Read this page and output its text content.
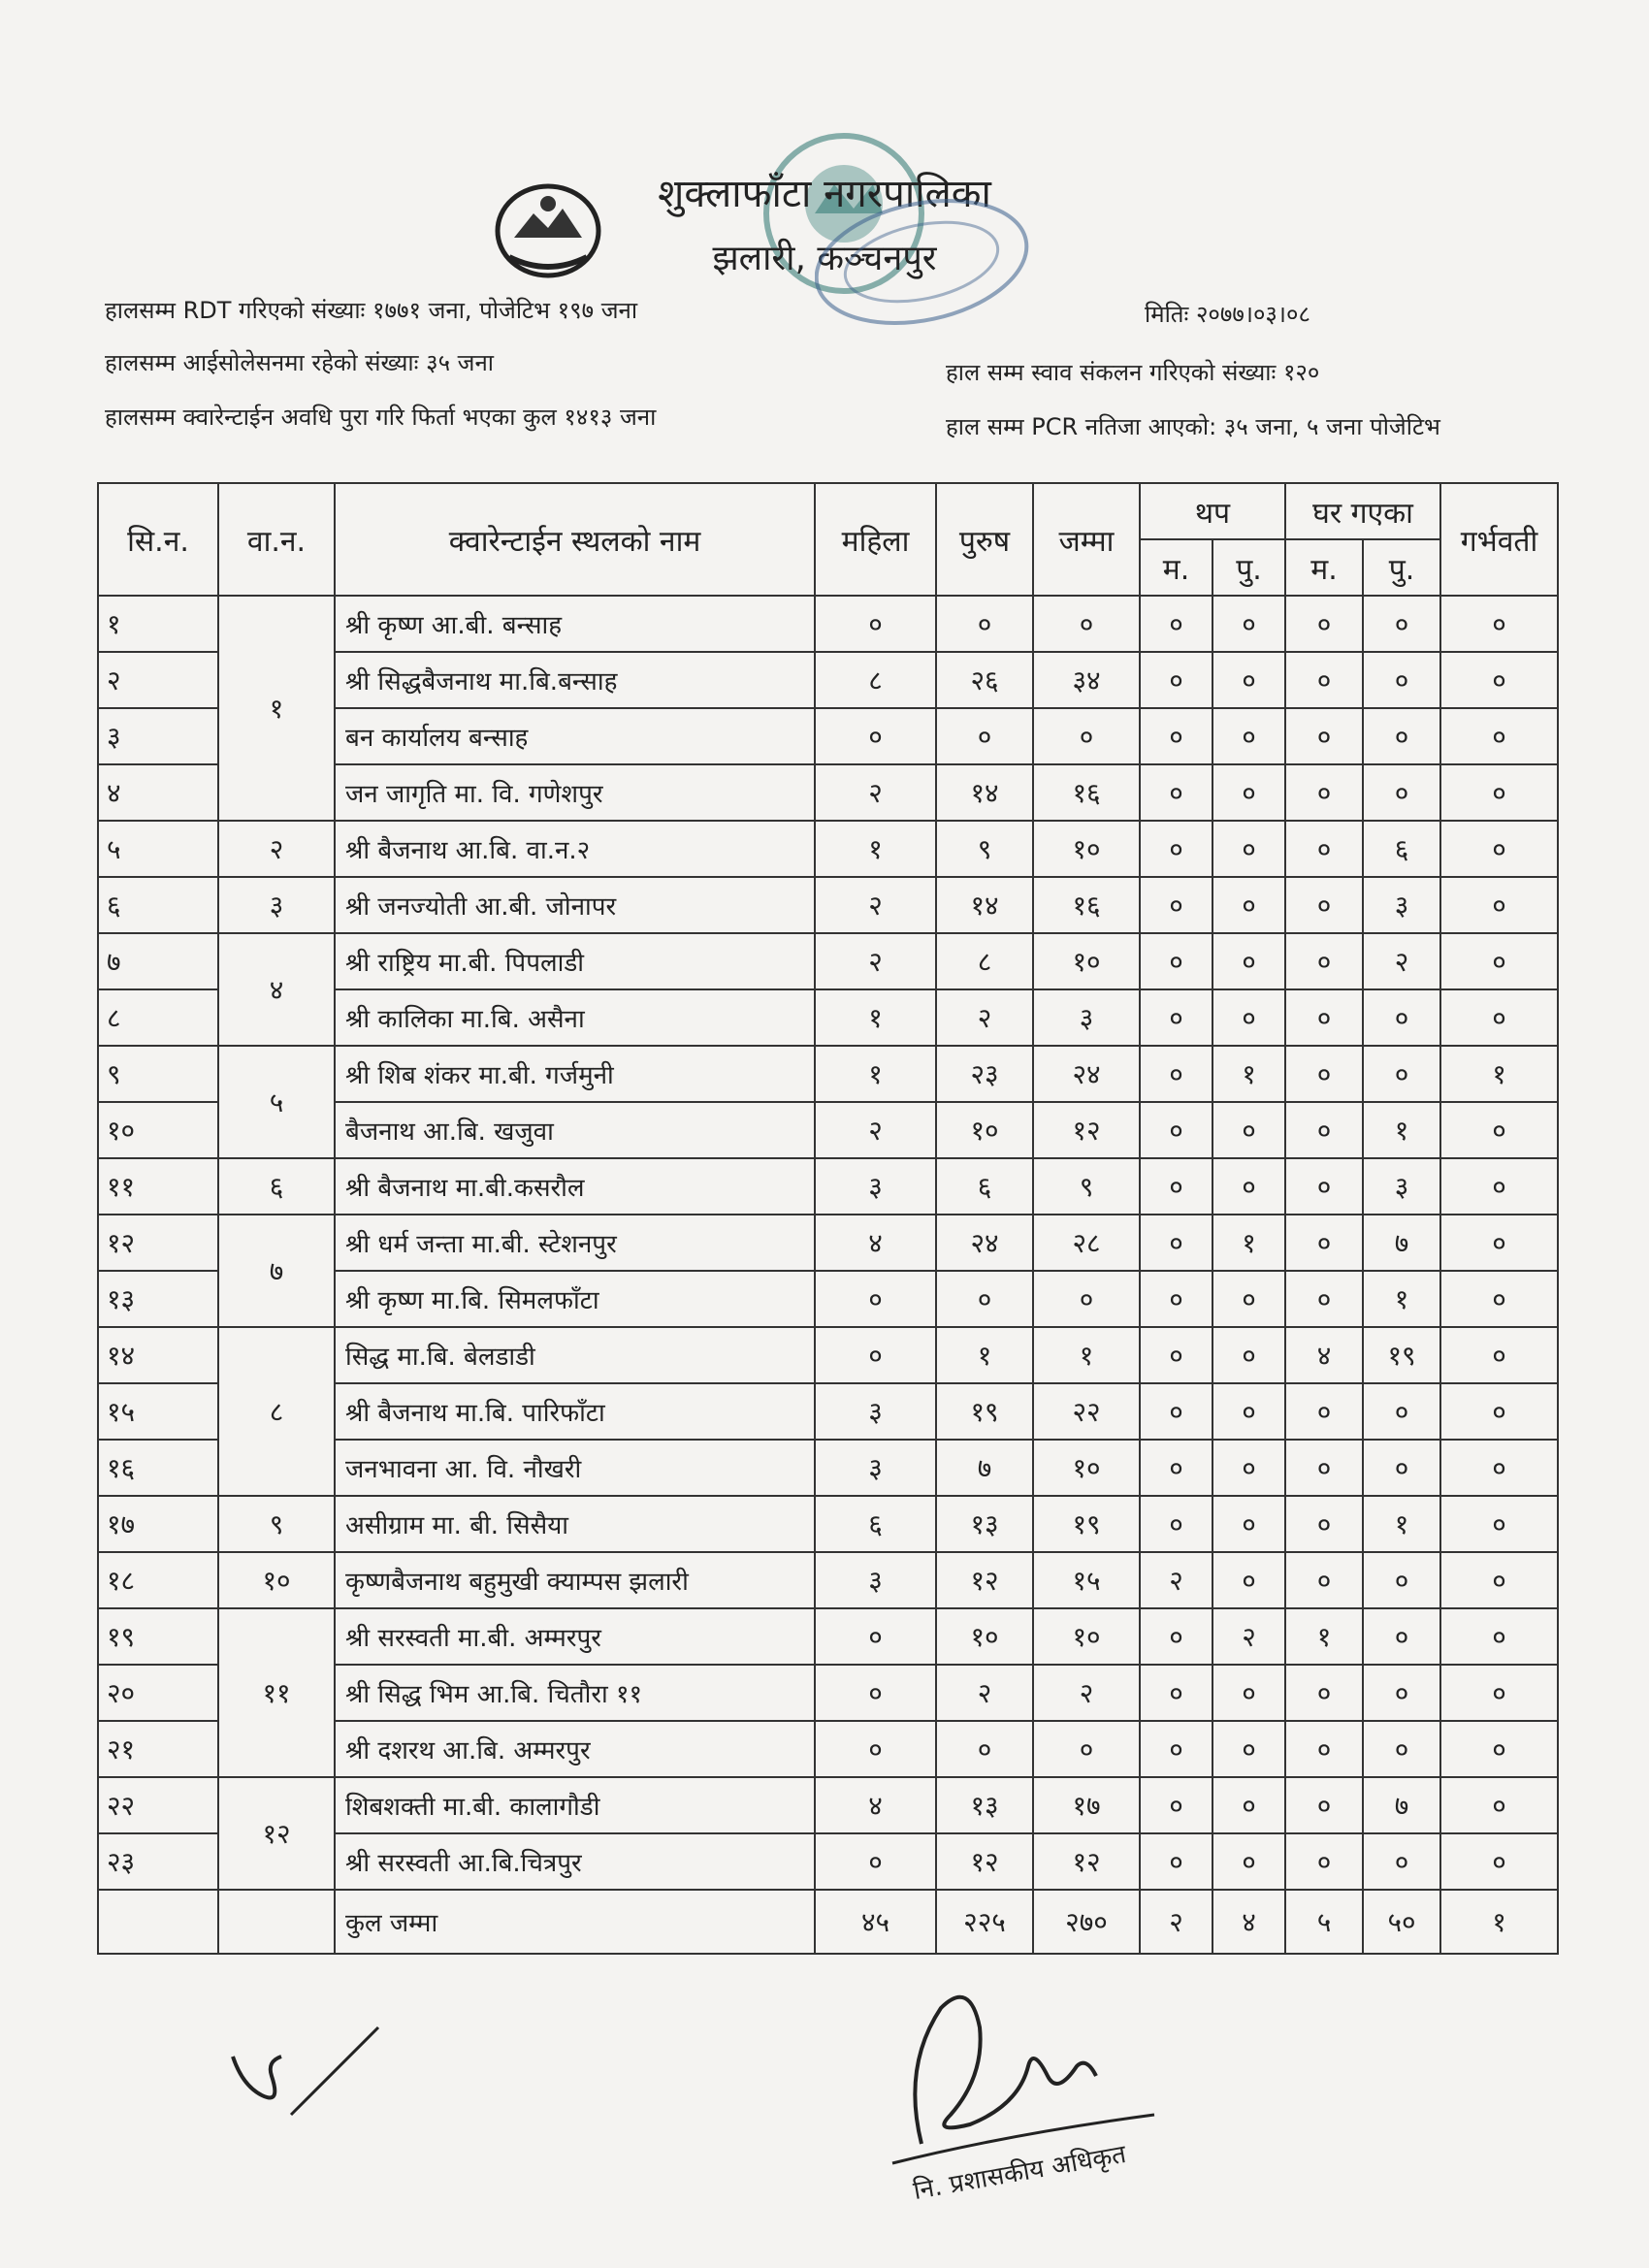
शुक्लाफाँटा नगरपालिका
झलारी, कञ्चनपुर
हालसम्म RDT गरिएको संख्याः १७७१ जना, पोजेटिभ १९७ जना	मितिः २०७७।०३।०८
हालसम्म आईसोलेसनमा रहेको संख्याः ३५ जना	हाल सम्म स्वाव संकलन गरिएको संख्याः १२०
हालसम्म क्वारेन्टाईन अवधि पुरा गरि फिर्ता भएका कुल १४१३ जना	हाल सम्म PCR नतिजा आएको: ३५ जना, ५ जना पोजेटिभ
सि.न.	वा.न.	क्वारेन्टाईन स्थलको नाम	महिला	पुरुष	जम्मा	थप		घर गएका		गर्भवती
						म.	पु.	म.	पु.	
१	१	श्री कृष्ण आ.बी. बन्साह	०	०	०	०	०	०	०	०
२		श्री सिद्धबैजनाथ मा.बि.बन्साह	८	२६	३४	०	०	०	०	०
३		बन कार्यालय बन्साह	०	०	०	०	०	०	०	०
४		जन जागृति मा. वि. गणेशपुर	२	१४	१६	०	०	०	०	०
५	२	श्री बैजनाथ आ.बि. वा.न.२	१	९	१०	०	०	०	६	०
६	३	श्री जनज्योती आ.बी. जोनापर	२	१४	१६	०	०	०	३	०
७	४	श्री राष्ट्रिय मा.बी. पिपलाडी	२	८	१०	०	०	०	२	०
८		श्री कालिका मा.बि. असैना	१	२	३	०	०	०	०	०
९	५	श्री शिब शंकर मा.बी. गर्जमुनी	१	२३	२४	०	१	०	०	१
१०		बैजनाथ आ.बि. खजुवा	२	१०	१२	०	०	०	१	०
११	६	श्री बैजनाथ मा.बी.कसरौल	३	६	९	०	०	०	३	०
१२	७	श्री धर्म जन्ता मा.बी. स्टेशनपुर	४	२४	२८	०	१	०	७	०
१३		श्री कृष्ण मा.बि. सिमलफाँटा	०	०	०	०	०	०	१	०
१४	८	सिद्ध मा.बि. बेलडाडी	०	१	१	०	०	४	१९	०
१५		श्री बैजनाथ मा.बि. पारिफाँटा	३	१९	२२	०	०	०	०	०
१६		जनभावना आ. वि. नौखरी	३	७	१०	०	०	०	०	०
१७	९	असीग्राम मा. बी. सिसैया	६	१३	१९	०	०	०	१	०
१८	१०	कृष्णबैजनाथ बहुमुखी क्याम्पस झलारी	३	१२	१५	२	०	०	०	०
१९	११	श्री सरस्वती मा.बी. अम्मरपुर	०	१०	१०	०	२	१	०	०
२०		श्री सिद्ध भिम आ.बि. चितौरा ११	०	२	२	०	०	०	०	०
२१		श्री दशरथ आ.बि. अम्मरपुर	०	०	०	०	०	०	०	०
२२	१२	शिबशक्ती मा.बी. कालागौडी	४	१३	१७	०	०	०	७	०
२३		श्री सरस्वती आ.बि.चित्रपुर	०	१२	१२	०	०	०	०	०
		कुल जम्मा	४५	२२५	२७०	२	४	५	५०	१
नि. प्रशासकीय अधिकृत
